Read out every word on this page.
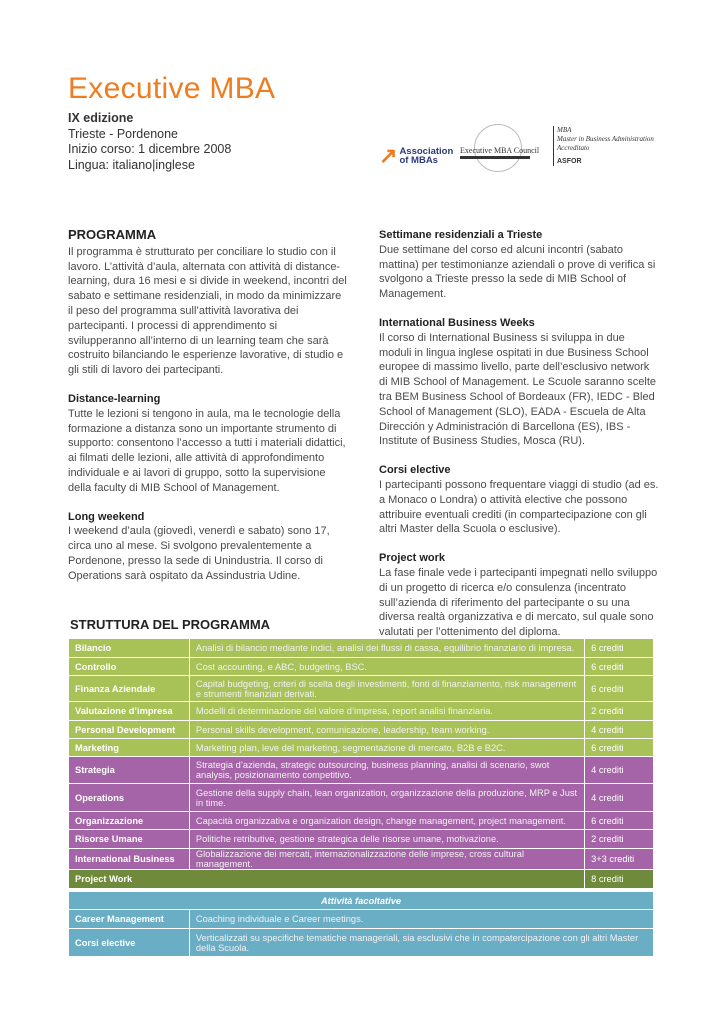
Executive MBA
IX edizione
Trieste - Pordenone
Inizio corso: 1 dicembre 2008
Lingua: italiano|inglese	↗ Association
of MBAs
Executive MBA Council
MBA
Master in Business Administration
Accreditato
ASFOR
PROGRAMMA

Il programma è strutturato per conciliare lo studio con il lavoro. L’attività d’aula, alternata con attività di distance-learning, dura 16 mesi e si divide in weekend, incontri del sabato e settimane residenziali, in modo da minimizzare il peso del programma sull’attività lavorativa dei partecipanti. I processi di apprendimento si svilupperanno all’interno di un learning team che sarà costruito bilanciando le esperienze lavorative, di studio e gli stili di lavoro dei partecipanti.

Distance-learning

Tutte le lezioni si tengono in aula, ma le tecnologie della formazione a distanza sono un importante strumento di supporto: consentono l’accesso a tutti i materiali didattici, ai filmati delle lezioni, alle attività di approfondimento individuale e ai lavori di gruppo, sotto la supervisione della faculty di MIB School of Management.

Long weekend

I weekend d’aula (giovedì, venerdì e sabato) sono 17, circa uno al mese. Si svolgono prevalentemente a Pordenone, presso la sede di Unindustria. Il corso di Operations sarà ospitato da Assindustria Udine.

Settimane residenziali a Trieste

Due settimane del corso ed alcuni incontri (sabato mattina) per testimonianze aziendali o prove di verifica si svolgono a Trieste presso la sede di MIB School of Management.

International Business Weeks

Il corso di International Business si sviluppa in due moduli in lingua inglese ospitati in due Business School europee di massimo livello, parte dell’esclusivo network di MIB School of Management. Le Scuole saranno scelte tra BEM Business School of Bordeaux (FR), IEDC - Bled School of Management (SLO), EADA - Escuela de Alta Dirección y Administración di Barcellona (ES), IBS - Institute of Business Studies, Mosca (RU).

Corsi elective

I partecipanti possono frequentare viaggi di studio (ad es. a Monaco o Londra) o attività elective che possono attribuire eventuali crediti (in compartecipazione con gli altri Master della Scuola o esclusive).

Project work

La fase finale vede i partecipanti impegnati nello sviluppo di un progetto di ricerca e/o consulenza (incentrato sull’azienda di riferimento del partecipante o su una diversa realtà organizzativa e di mercato, sul quale sono valutati per l’ottenimento del diploma.

STRUTTURA DEL PROGRAMMA
Bilancio	Analisi di bilancio mediante indici, analisi dei flussi di cassa, equilibrio finanziario di impresa.	6 crediti
Controllo	Cost accounting, e ABC, budgeting, BSC.	6 crediti
Finanza Aziendale	Capital budgeting, criteri di scelta degli investimenti, fonti di finanziamento, risk management e strumenti finanziari derivati.	6 crediti
Valutazione d’impresa	Modelli di determinazione del valore d’impresa, report analisi finanziaria.	2 crediti
Personal Development	Personal skills development, comunicazione, leadership, team working.	4 crediti
Marketing	Marketing plan, leve del marketing, segmentazione di mercato, B2B e B2C.	6 crediti
Strategia	Strategia d’azienda, strategic outsourcing, business planning, analisi di scenario, swot analysis, posizionamento competitivo.	4 crediti
Operations	Gestione della supply chain, lean organization, organizzazione della produzione, MRP e Just in time.	4 crediti
Organizzazione	Capacità organizzativa e organization design, change management, project management.	6 crediti
Risorse Umane	Politiche retributive, gestione strategica delle risorse umane, motivazione.	2 crediti
International Business	Globalizzazione dei mercati, internazionalizzazione delle imprese, cross cultural management.	3+3 crediti
Project Work		8 crediti

Attività facoltative		
Career Management	Coaching individuale e Career meetings.	
Corsi elective	Verticalizzati su specifiche tematiche manageriali, sia esclusivi che in compatercipazione con gli altri Master della Scuola.	
